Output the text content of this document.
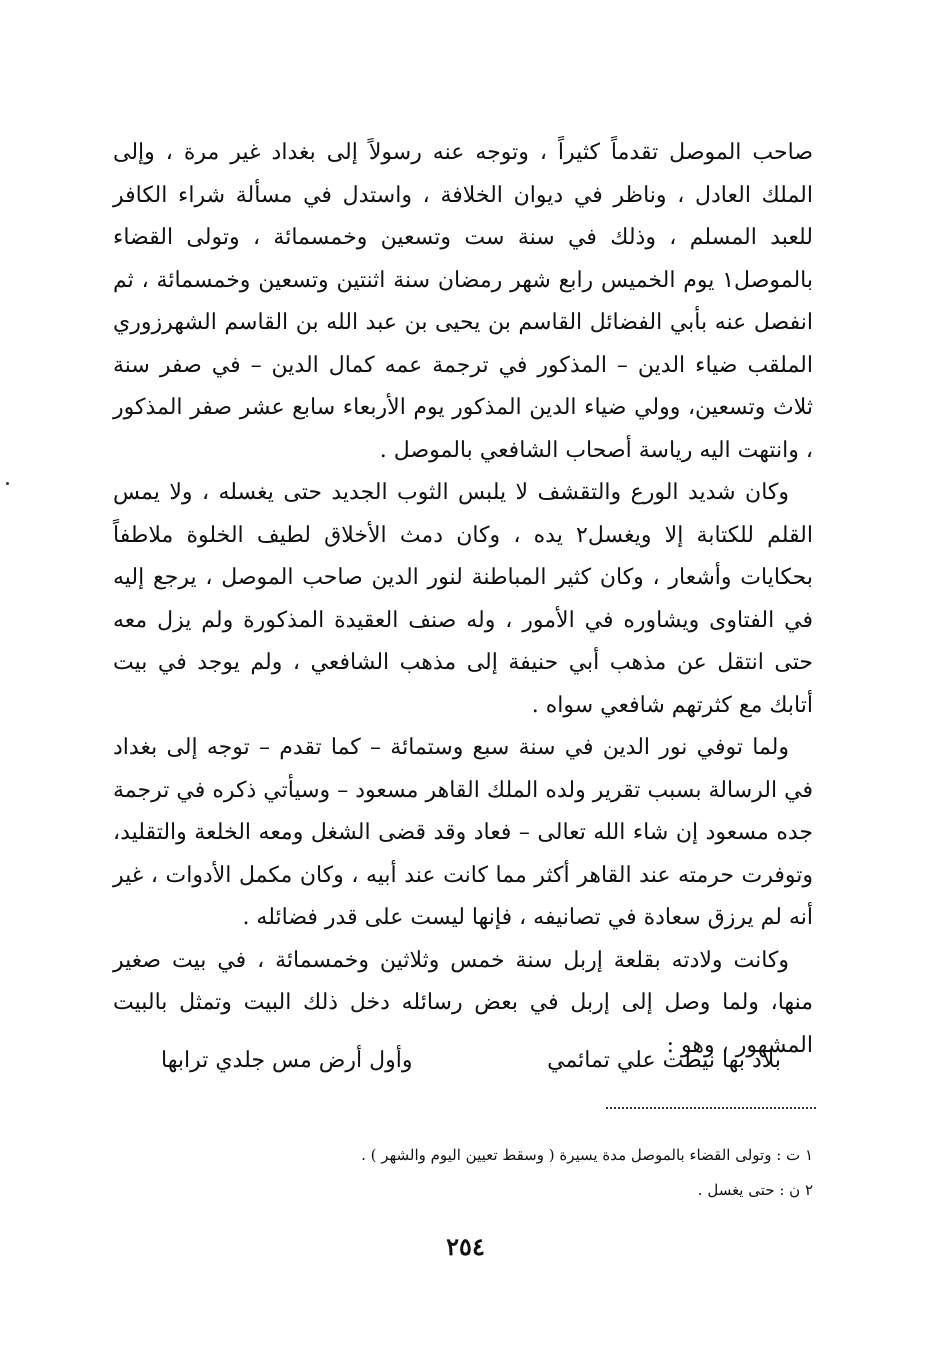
صاحب الموصل تقدماً كثيراً ، وتوجه عنه رسولاً إلى بغداد غير مرة ، وإلى الملك العادل ، وناظر في ديوان الخلافة ، واستدل في مسألة شراء الكافر للعبد المسلم ، وذلك في سنة ست وتسعين وخمسمائة ، وتولى القضاء بالموصل١ يوم الخميس رابع شهر رمضان سنة اثنتين وتسعين وخمسمائة ، ثم انفصل عنه بأبي الفضائل القاسم بن يحيى بن عبد الله بن القاسم الشهرزوري الملقب ضياء الدين – المذكور في ترجمة عمه كمال الدين – في صفر سنة ثلاث وتسعين، وولي ضياء الدين المذكور يوم الأربعاء سابع عشر صفر المذكور ، وانتهت اليه رياسة أصحاب الشافعي بالموصل .

وكان شديد الورع والتقشف لا يلبس الثوب الجديد حتى يغسله ، ولا يمس القلم للكتابة إلا ويغسل٢ يده ، وكان دمث الأخلاق لطيف الخلوة ملاطفاً بحكايات وأشعار ، وكان كثير المباطنة لنور الدين صاحب الموصل ، يرجع إليه في الفتاوى ويشاوره في الأمور ، وله صنف العقيدة المذكورة ولم يزل معه حتى انتقل عن مذهب أبي حنيفة إلى مذهب الشافعي ، ولم يوجد في بيت أتابك مع كثرتهم شافعي سواه .

ولما توفي نور الدين في سنة سبع وستمائة – كما تقدم – توجه إلى بغداد في الرسالة بسبب تقرير ولده الملك القاهر مسعود – وسيأتي ذكره في ترجمة جده مسعود إن شاء الله تعالى – فعاد وقد قضى الشغل ومعه الخلعة والتقليد، وتوفرت حرمته عند القاهر أكثر مما كانت عند أبيه ، وكان مكمل الأدوات ، غير أنه لم يرزق سعادة في تصانيفه ، فإنها ليست على قدر فضائله .

وكانت ولادته بقلعة إربل سنة خمس وثلاثين وخمسمائة ، في بيت صغير منها، ولما وصل إلى إربل في بعض رسائله دخل ذلك البيت وتمثل بالبيت المشهور ، وهو :

بلاد بها نيطت علي تمائمي
وأول أرض مس جلدي ترابها

١ ت : وتولى القضاء بالموصل مدة يسيرة ( وسقط تعيين اليوم والشهر ) .

٢ ن : حتى يغسل .

٢٥٤
